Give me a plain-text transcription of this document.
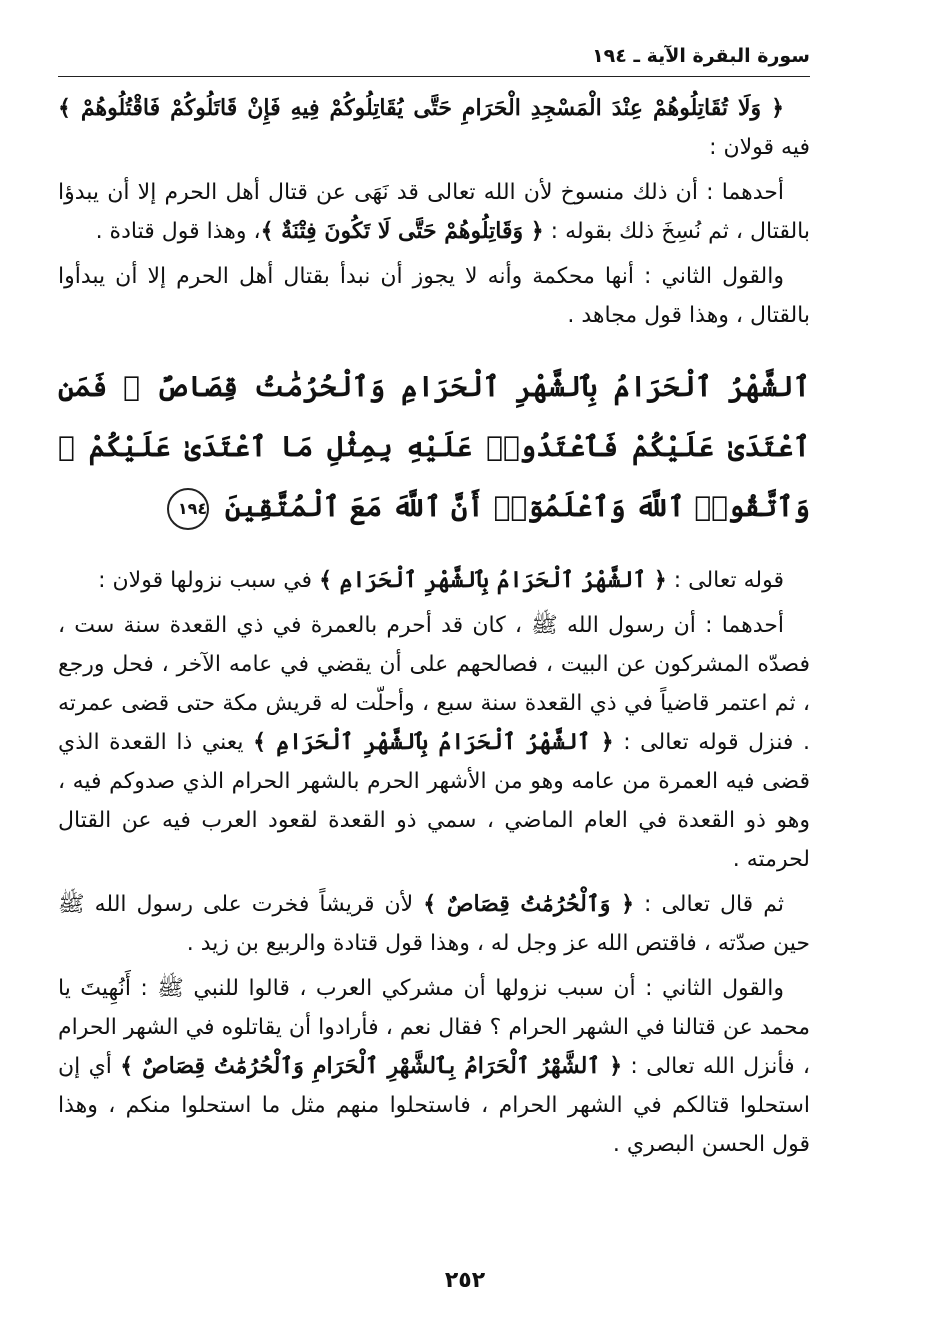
سورة البقرة الآية ـ ١٩٤

﴿ وَلَا تُقَاتِلُوهُمْ عِنْدَ الْمَسْجِدِ الْحَرَامِ حَتَّى يُقَاتِلُوكُمْ فِيهِ فَإِنْ قَاتَلُوكُمْ فَاقْتُلُوهُمْ ﴾ فيه قولان :

أحدهما : أن ذلك منسوخ لأن الله تعالى قد نَهَى عن قتال أهل الحرم إلا أن يبدؤا بالقتال ، ثم نُسِخَ ذلك بقوله : ﴿ وَقَاتِلُوهُمْ حَتَّى لَا تَكُونَ فِتْنَةٌ ﴾، وهذا قول قتادة .

والقول الثاني : أنها محكمة وأنه لا يجوز أن نبدأ بقتال أهل الحرم إلا أن يبدأوا بالقتال ، وهذا قول مجاهد .

ٱلشَّهْرُ ٱلْحَرَامُ بِٱلشَّهْرِ ٱلْحَرَامِ وَٱلْحُرُمَٰتُ قِصَاصٌ ۚ فَمَنِ ٱعْتَدَىٰ عَلَيْكُمْ فَٱعْتَدُوا۟ عَلَيْهِ بِمِثْلِ مَا ٱعْتَدَىٰ عَلَيْكُمْ ۚ وَٱتَّقُوا۟ ٱللَّهَ وَٱعْلَمُوٓا۟ أَنَّ ٱللَّهَ مَعَ ٱلْمُتَّقِينَ ١٩٤

قوله تعالى : ﴿ ٱلشَّهْرُ ٱلْحَرَامُ بِٱلشَّهْرِ ٱلْحَرَامِ ﴾ في سبب نزولها قولان :

أحدهما : أن رسول الله ﷺ ، كان قد أحرم بالعمرة في ذي القعدة سنة ست ، فصدّه المشركون عن البيت ، فصالحهم على أن يقضي في عامه الآخر ، فحل ورجع ، ثم اعتمر قاضياً في ذي القعدة سنة سبع ، وأحلّت له قريش مكة حتى قضى عمرته . فنزل قوله تعالى : ﴿ ٱلشَّهْرُ ٱلْحَرَامُ بِٱلشَّهْرِ ٱلْحَرَامِ ﴾ يعني ذا القعدة الذي قضى فيه العمرة من عامه وهو من الأشهر الحرم بالشهر الحرام الذي صدوكم فيه ، وهو ذو القعدة في العام الماضي ، سمي ذو القعدة لقعود العرب فيه عن القتال لحرمته .

ثم قال تعالى : ﴿ وَٱلْحُرُمَٰتُ قِصَاصٌ ﴾ لأن قريشاً فخرت على رسول الله ﷺ حين صدّته ، فاقتص الله عز وجل له ، وهذا قول قتادة والربيع بن زيد .

والقول الثاني : أن سبب نزولها أن مشركي العرب ، قالوا للنبي ﷺ : أَنُهِيتَ يا محمد عن قتالنا في الشهر الحرام ؟ فقال نعم ، فأرادوا أن يقاتلوه في الشهر الحرام ، فأنزل الله تعالى : ﴿ ٱلشَّهْرُ ٱلْحَرَامُ بِٱلشَّهْرِ ٱلْحَرَامِ وَٱلْحُرُمَٰتُ قِصَاصٌ ﴾ أي إن استحلوا قتالكم في الشهر الحرام ، فاستحلوا منهم مثل ما استحلوا منكم ، وهذا قول الحسن البصري .

٢٥٢
